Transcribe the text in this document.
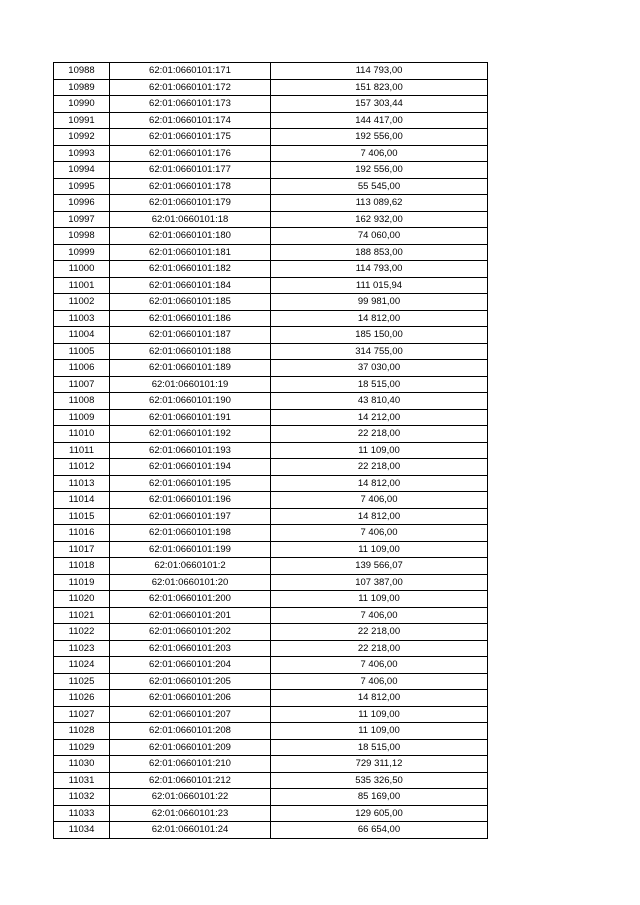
10988	62:01:0660101:171	114 793,00
10989	62:01:0660101:172	151 823,00
10990	62:01:0660101:173	157 303,44
10991	62:01:0660101:174	144 417,00
10992	62:01:0660101:175	192 556,00
10993	62:01:0660101:176	7 406,00
10994	62:01:0660101:177	192 556,00
10995	62:01:0660101:178	55 545,00
10996	62:01:0660101:179	113 089,62
10997	62:01:0660101:18	162 932,00
10998	62:01:0660101:180	74 060,00
10999	62:01:0660101:181	188 853,00
11000	62:01:0660101:182	114 793,00
11001	62:01:0660101:184	111 015,94
11002	62:01:0660101:185	99 981,00
11003	62:01:0660101:186	14 812,00
11004	62:01:0660101:187	185 150,00
11005	62:01:0660101:188	314 755,00
11006	62:01:0660101:189	37 030,00
11007	62:01:0660101:19	18 515,00
11008	62:01:0660101:190	43 810,40
11009	62:01:0660101:191	14 212,00
11010	62:01:0660101:192	22 218,00
11011	62:01:0660101:193	11 109,00
11012	62:01:0660101:194	22 218,00
11013	62:01:0660101:195	14 812,00
11014	62:01:0660101:196	7 406,00
11015	62:01:0660101:197	14 812,00
11016	62:01:0660101:198	7 406,00
11017	62:01:0660101:199	11 109,00
11018	62:01:0660101:2	139 566,07
11019	62:01:0660101:20	107 387,00
11020	62:01:0660101:200	11 109,00
11021	62:01:0660101:201	7 406,00
11022	62:01:0660101:202	22 218,00
11023	62:01:0660101:203	22 218,00
11024	62:01:0660101:204	7 406,00
11025	62:01:0660101:205	7 406,00
11026	62:01:0660101:206	14 812,00
11027	62:01:0660101:207	11 109,00
11028	62:01:0660101:208	11 109,00
11029	62:01:0660101:209	18 515,00
11030	62:01:0660101:210	729 311,12
11031	62:01:0660101:212	535 326,50
11032	62:01:0660101:22	85 169,00
11033	62:01:0660101:23	129 605,00
11034	62:01:0660101:24	66 654,00
